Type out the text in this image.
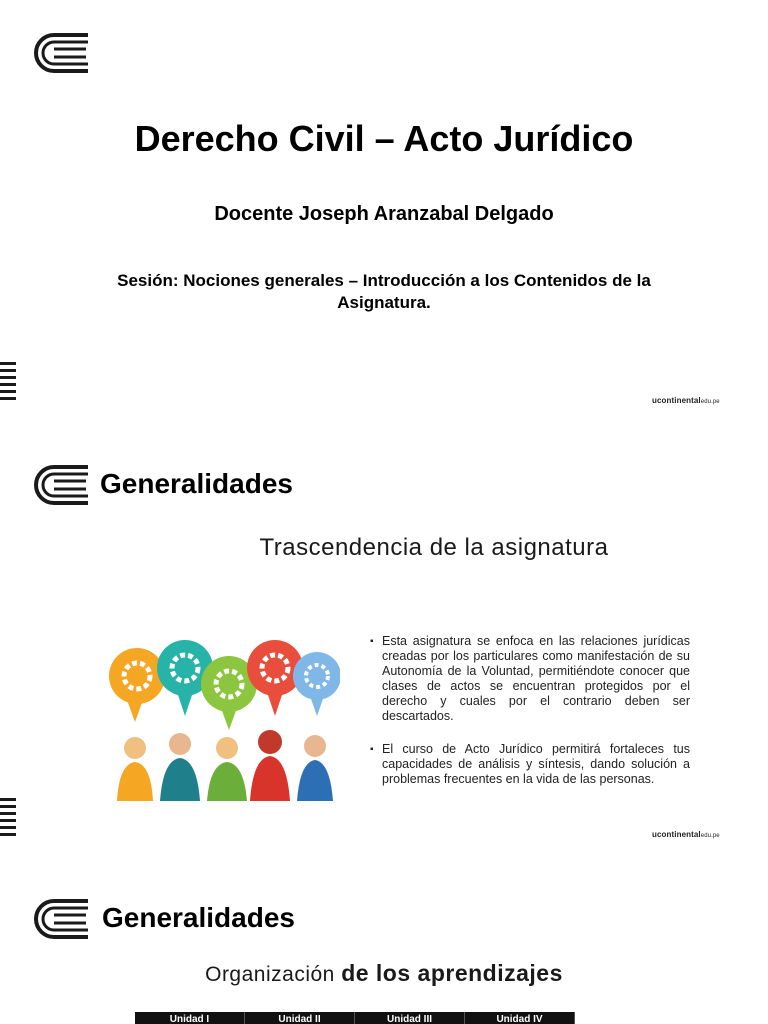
Derecho Civil – Acto Jurídico
Docente Joseph Aranzabal Delgado
Sesión: Nociones generales – Introducción a los Contenidos de la Asignatura.
ucontinentaledu.pe
Generalidades
Trascendencia de la asignatura
▪ Esta asignatura se enfoca en las relaciones jurídicas creadas por los particulares como manifestación de su Autonomía de la Voluntad, permitiéndote conocer que clases de actos se encuentran protegidos por el derecho y cuales por el contrario deben ser descartados.
▪ El curso de Acto Jurídico permitirá fortaleces tus capacidades de análisis y síntesis, dando solución a problemas frecuentes en la vida de las personas.
ucontinentaledu.pe
Generalidades
Organización de los aprendizajes
Unidad I	Unidad II	Unidad III	Unidad IV
